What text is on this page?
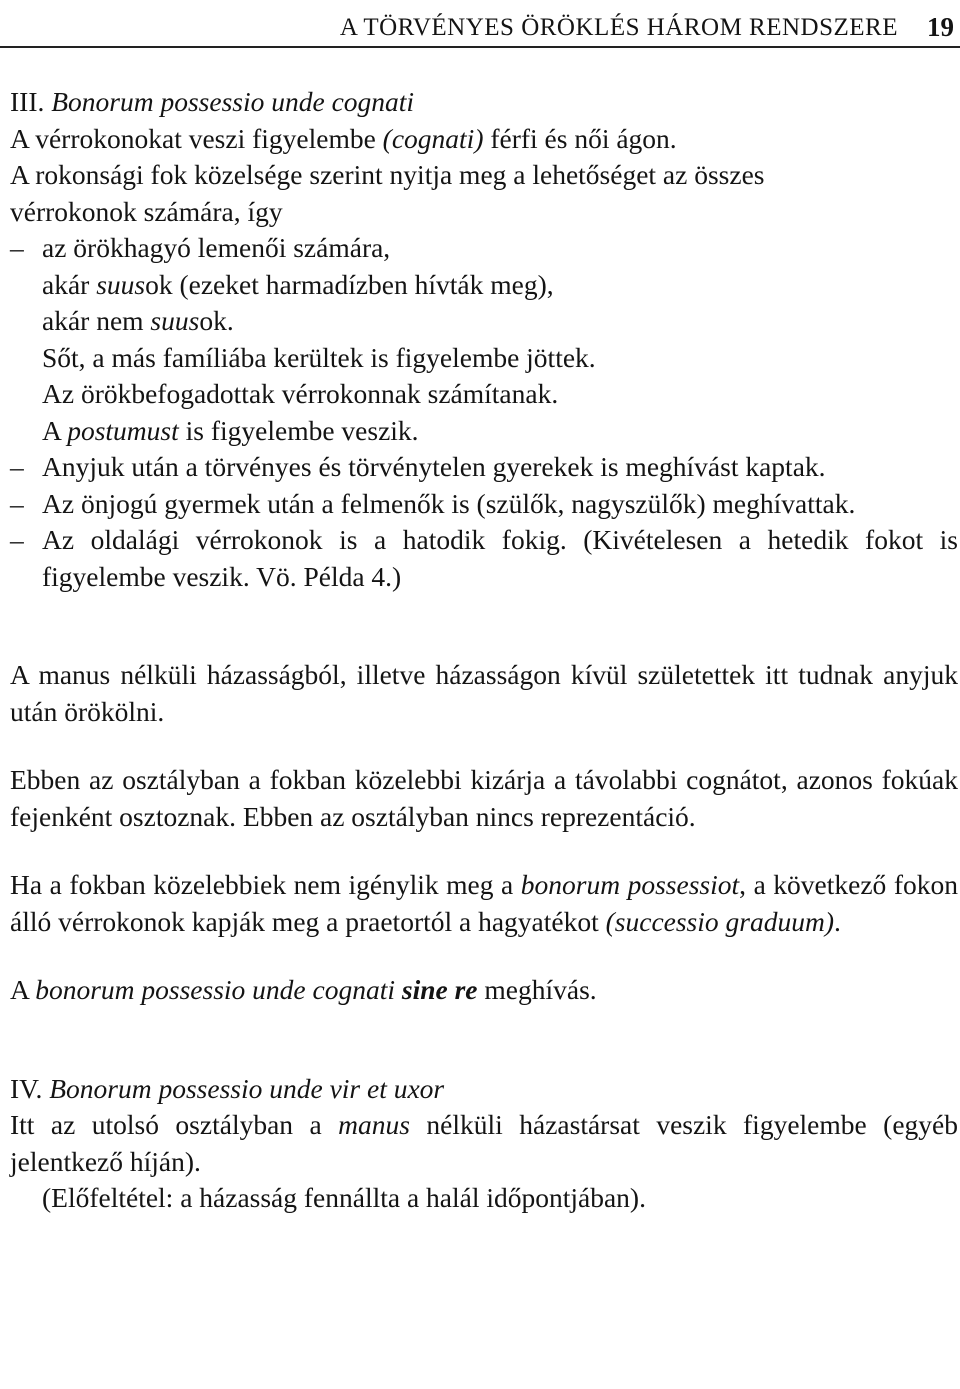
A TÖRVÉNYES ÖRÖKLÉS HÁROM RENDSZERE 19
III. Bonorum possessio unde cognati
A vérrokonokat veszi figyelembe (cognati) férfi és női ágon.
A rokonsági fok közelsége szerint nyitja meg a lehetőséget az összes
vérrokonok számára, így
– az örökhagyó lemenői számára,
akár suusok (ezeket harmadízben hívták meg),
akár nem suusok.
Sőt, a más famíliába kerültek is figyelembe jöttek.
Az örökbefogadottak vérrokonnak számítanak.
A postumust is figyelembe veszik.
– Anyjuk után a törvényes és törvénytelen gyerekek is meghívást kaptak.
– Az önjogú gyermek után a felmenők is (szülők, nagyszülők) meghívattak.
– Az oldalági vérrokonok is a hatodik fokig. (Kivételesen a hetedik fokot is figyelembe veszik. Vö. Példa 4.)
A manus nélküli házasságból, illetve házasságon kívül születettek itt tudnak anyjuk után örökölni.
Ebben az osztályban a fokban közelebbi kizárja a távolabbi cognátot, azonos fokúak fejenként osztoznak. Ebben az osztályban nincs reprezentáció.
Ha a fokban közelebbiek nem igénylik meg a bonorum possessiot, a következő fokon álló vérrokonok kapják meg a praetortól a hagyatékot (successio graduum).
A bonorum possessio unde cognati sine re meghívás.
IV. Bonorum possessio unde vir et uxor
Itt az utolsó osztályban a manus nélküli házastársat veszik figyelembe (egyéb jelentkező híján).
(Előfeltétel: a házasság fennállta a halál időpontjában).
